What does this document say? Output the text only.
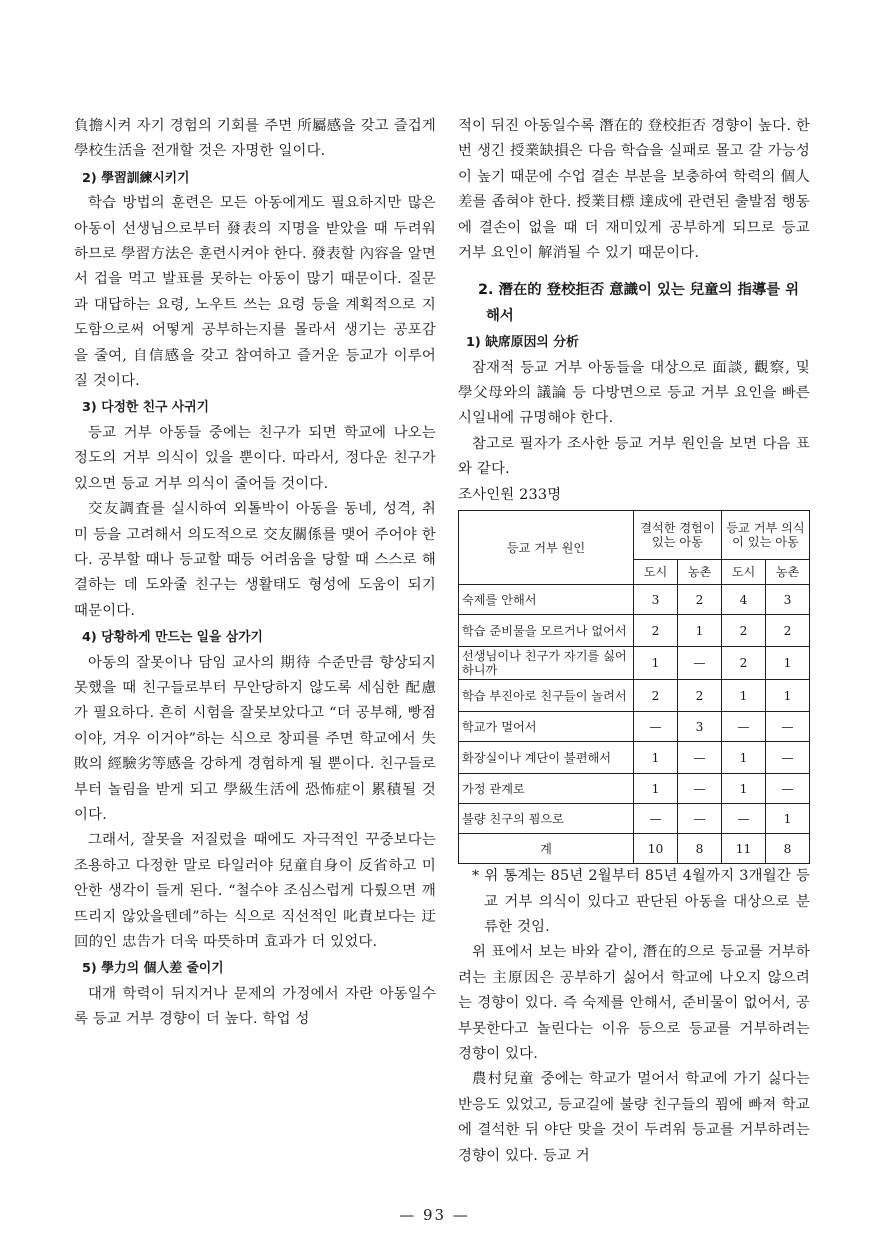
負擔시켜 자기 경험의 기회를 주면 所屬感을 갖고 즐겁게 學校生活을 전개할 것은 자명한 일이다.

2) 學習訓練시키기

학습 방법의 훈련은 모든 아동에게도 필요하지만 많은 아동이 선생님으로부터 發表의 지명을 받았을 때 두려워하므로 學習方法은 훈련시켜야 한다. 發表할 內容을 알면서 겁을 먹고 발표를 못하는 아동이 많기 때문이다. 질문과 대답하는 요령, 노우트 쓰는 요령 등을 계획적으로 지도함으로써 어떻게 공부하는지를 몰라서 생기는 공포감을 줄여, 自信感을 갖고 참여하고 즐거운 등교가 이루어질 것이다.

3) 다정한 친구 사귀기

등교 거부 아동들 중에는 친구가 되면 학교에 나오는 정도의 거부 의식이 있을 뿐이다. 따라서, 정다운 친구가 있으면 등교 거부 의식이 줄어들 것이다.

交友調査를 실시하여 외톨박이 아동을 동네, 성격, 취미 등을 고려해서 의도적으로 交友關係를 맺어 주어야 한다. 공부할 때나 등교할 때등 어려움을 당할 때 스스로 해결하는 데 도와줄 친구는 생활태도 형성에 도움이 되기 때문이다.

4) 당황하게 만드는 일을 삼가기

아동의 잘못이나 담임 교사의 期待 수준만큼 향상되지 못했을 때 친구들로부터 무안당하지 않도록 세심한 配慮가 필요하다. 흔히 시험을 잘못보았다고 “더 공부해, 빵점이야, 겨우 이거야”하는 식으로 창피를 주면 학교에서 失敗의 經驗劣等感을 강하게 경험하게 될 뿐이다. 친구들로부터 놀림을 받게 되고 學級生活에 恐怖症이 累積될 것이다.

그래서, 잘못을 저질렀을 때에도 자극적인 꾸중보다는 조용하고 다정한 말로 타일러야 兒童自身이 反省하고 미안한 생각이 들게 된다. “철수야 조심스럽게 다뤘으면 깨뜨리지 않았을텐데”하는 식으로 직선적인 叱責보다는 迂回的인 忠告가 더욱 따뜻하며 효과가 더 있었다.

5) 學力의 個人差 줄이기

대개 학력이 뒤지거나 문제의 가정에서 자란 아동일수록 등교 거부 경향이 더 높다. 학업 성

적이 뒤진 아동일수록 潛在的 登校拒否 경향이 높다. 한번 생긴 授業缺損은 다음 학습을 실패로 몰고 갈 가능성이 높기 때문에 수업 결손 부분을 보충하여 학력의 個人差를 좁혀야 한다. 授業目標 達成에 관련된 출발점 행동에 결손이 없을 때 더 재미있게 공부하게 되므로 등교 거부 요인이 解消될 수 있기 때문이다.

2. 潛在的 登校拒否 意識이 있는 兒童의 指導를 위해서
1) 缺席原因의 分析

잠재적 등교 거부 아동들을 대상으로 面談, 觀察, 및 學父母와의 議論 등 다방면으로 등교 거부 요인을 빠른 시일내에 규명해야 한다.

참고로 필자가 조사한 등교 거부 원인을 보면 다음 표와 같다.

조사인원 233명

등교 거부 원인	결석한 경험이 있는 아동		등교 거부 의식이 있는 아동	
	도시	농촌	도시	농촌
숙제를 안해서	3	2	4	3
학습 준비물을 모르거나 없어서	2	1	2	2
선생님이나 친구가 자기를 싫어하니까	1	—	2	1
학습 부진아로 친구들이 놀려서	2	2	1	1
학교가 멀어서	—	3	—	—
화장실이나 계단이 불편해서	1	—	1	—
가정 관계로	1	—	1	—
불량 친구의 꾐으로	—	—	—	1
계	10	8	11	8

* 위 통계는 85년 2월부터 85년 4월까지 3개월간 등교 거부 의식이 있다고 판단된 아동을 대상으로 분류한 것임.

위 표에서 보는 바와 같이, 潛在的으로 등교를 거부하려는 主原因은 공부하기 싫어서 학교에 나오지 않으려는 경향이 있다. 즉 숙제를 안해서, 준비물이 없어서, 공부못한다고 놀린다는 이유 등으로 등교를 거부하려는 경향이 있다.

農村兒童 중에는 학교가 멀어서 학교에 가기 싫다는 반응도 있었고, 등교길에 불량 친구들의 꾐에 빠져 학교에 결석한 뒤 야단 맞을 것이 두려워 등교를 거부하려는 경향이 있다. 등교 거

— 93 —
